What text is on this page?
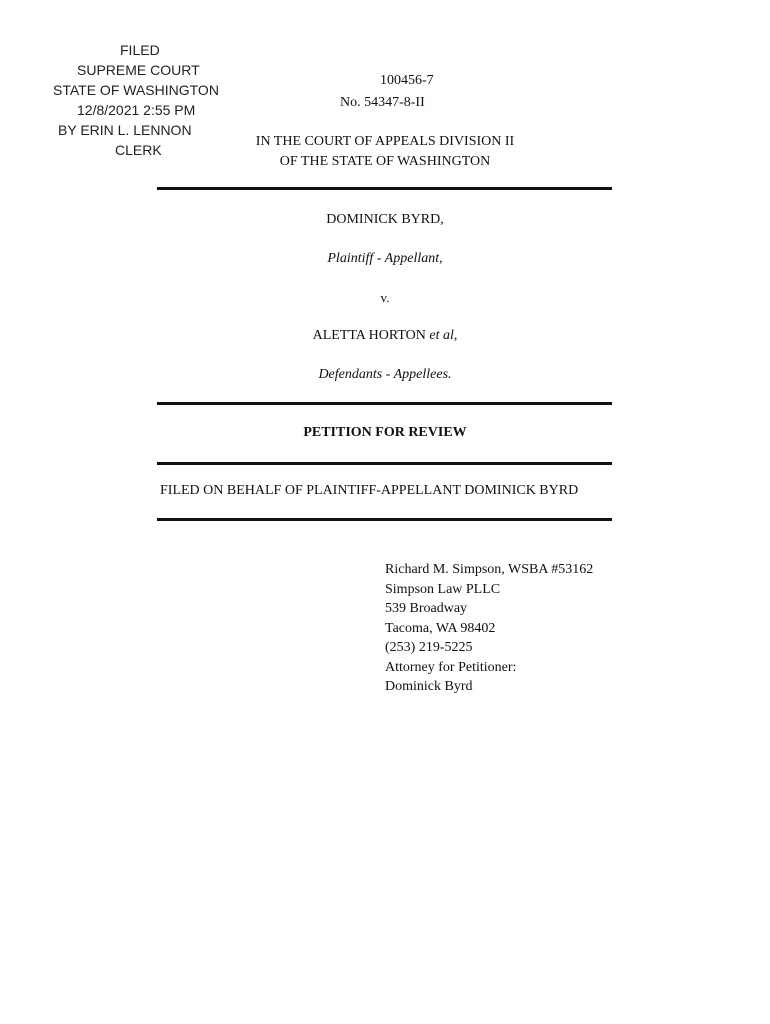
FILED
SUPREME COURT
STATE OF WASHINGTON
12/8/2021 2:55 PM
BY ERIN L. LENNON
CLERK
100456-7
No. 54347-8-II
IN THE COURT OF APPEALS DIVISION II
OF THE STATE OF WASHINGTON
DOMINICK BYRD,
Plaintiff - Appellant,
v.
ALETTA HORTON et al,
Defendants - Appellees.
PETITION FOR REVIEW
FILED ON BEHALF OF PLAINTIFF-APPELLANT DOMINICK BYRD
Richard M. Simpson, WSBA #53162
Simpson Law PLLC
539 Broadway
Tacoma, WA 98402
(253) 219-5225
Attorney for Petitioner:
Dominick Byrd
